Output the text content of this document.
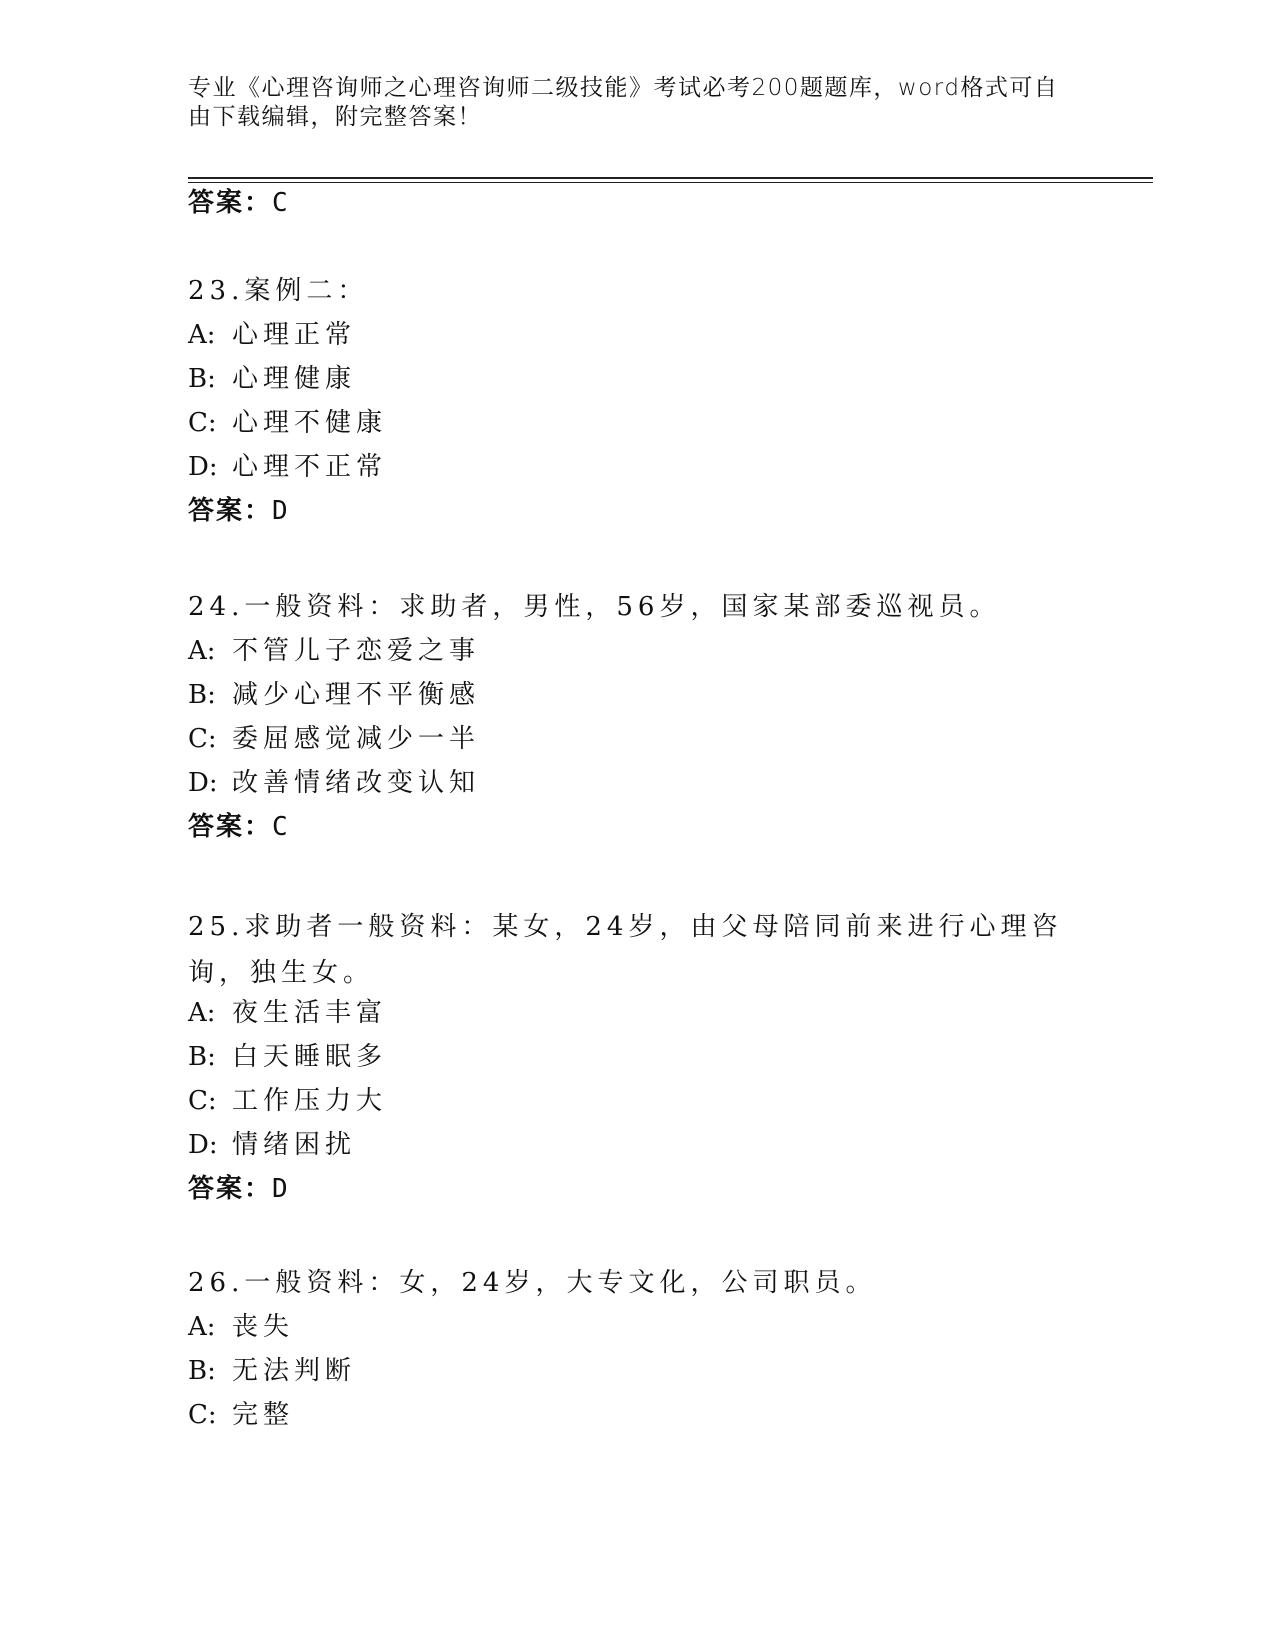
专业《心理咨询师之心理咨询师二级技能》考试必考200题题库，word格式可自由下载编辑，附完整答案！
答案：C
23.案例二：
A: 心理正常
B: 心理健康
C: 心理不健康
D: 心理不正常
答案：D
24.一般资料：求助者，男性，56岁，国家某部委巡视员。
A: 不管儿子恋爱之事
B: 减少心理不平衡感
C: 委屈感觉减少一半
D: 改善情绪改变认知
答案：C
25.求助者一般资料：某女，24岁，由父母陪同前来进行心理咨询，独生女。
A: 夜生活丰富
B: 白天睡眠多
C: 工作压力大
D: 情绪困扰
答案：D
26.一般资料：女，24岁，大专文化，公司职员。
A: 丧失
B: 无法判断
C: 完整
